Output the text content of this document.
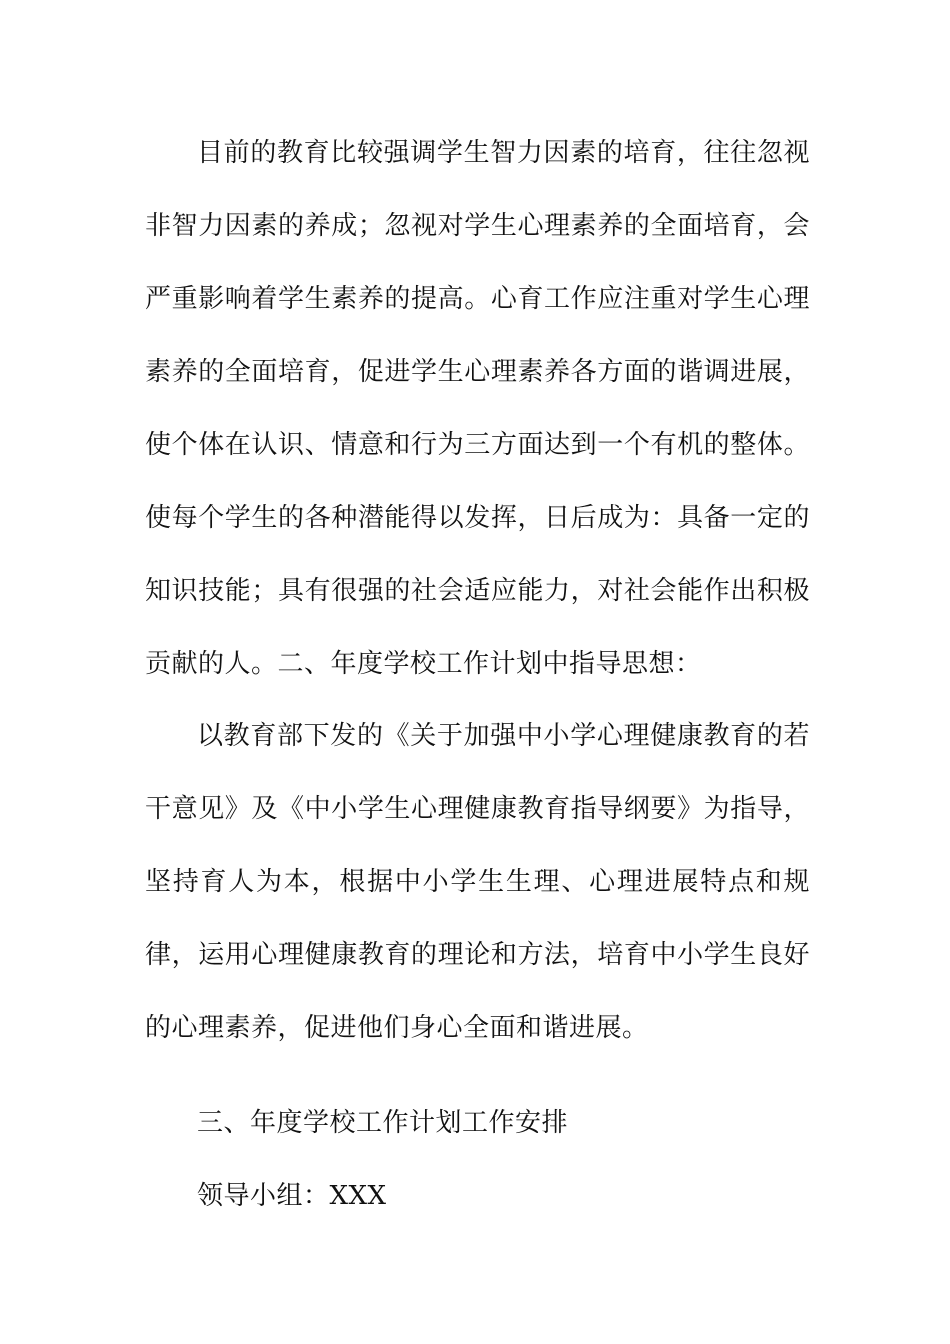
目前的教育比较强调学生智力因素的培育，往往忽视非智力因素的养成；忽视对学生心理素养的全面培育，会严重影响着学生素养的提高。心育工作应注重对学生心理素养的全面培育，促进学生心理素养各方面的谐调进展，使个体在认识、情意和行为三方面达到一个有机的整体。使每个学生的各种潜能得以发挥，日后成为：具备一定的知识技能；具有很强的社会适应能力，对社会能作出积极贡献的人。二、年度学校工作计划中指导思想：

以教育部下发的《关于加强中小学心理健康教育的若干意见》及《中小学生心理健康教育指导纲要》为指导，坚持育人为本，根据中小学生生理、心理进展特点和规律，运用心理健康教育的理论和方法，培育中小学生良好的心理素养，促进他们身心全面和谐进展。

三、年度学校工作计划工作安排

领导小组：XXX
